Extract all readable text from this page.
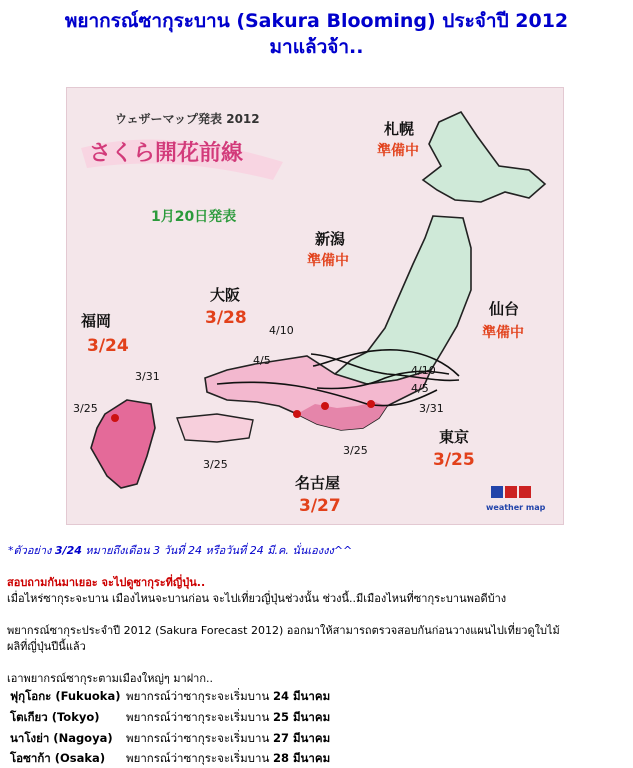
พยากรณ์ซากุระบาน (Sakura Blooming) ประจำปี 2012
มาแล้วจ้า..
ウェザーマップ発表 2012
さくら開花前線
1月20日発表
weather map
札幌
準備中
新潟
準備中
仙台
準備中
大阪
3/28
福岡
3/24
東京
3/25
名古屋
3/27
4/10
4/5
3/31
3/25
3/25
3/25
4/10
4/5
3/31
*ตัวอย่าง 3/24 หมายถึงเดือน 3 วันที่ 24 หรือวันที่ 24 มี.ค. นั่นเองงง^^
สอบถามกันมาเยอะ จะไปดูซากุระที่ญี่ปุ่น..
เมื่อไหร่ซากุระจะบาน เมืองไหนจะบานก่อน จะไปเที่ยวญี่ปุ่นช่วงนั้น ช่วงนี้..มีเมืองไหนที่ซากุระบานพอดีบ้าง
พยากรณ์ซากุระประจำปี 2012 (Sakura Forecast 2012) ออกมาให้สามารถตรวจสอบกันก่อนวางแผนไปเที่ยวดูใบไม้
ผลิที่ญี่ปุ่นปีนี้แล้ว
เอาพยากรณ์ซากุระตามเมืองใหญ่ๆ มาฝาก..
ฟุกุโอกะ (Fukuoka) พยากรณ์ว่าซากุระจะเริ่มบาน 24 มีนาคม
โตเกียว (Tokyo) พยากรณ์ว่าซากุระจะเริ่มบาน 25 มีนาคม
นาโงย่า (Nagoya) พยากรณ์ว่าซากุระจะเริ่มบาน 27 มีนาคม
โอซาก้า (Osaka) พยากรณ์ว่าซากุระจะเริ่มบาน 28 มีนาคม
